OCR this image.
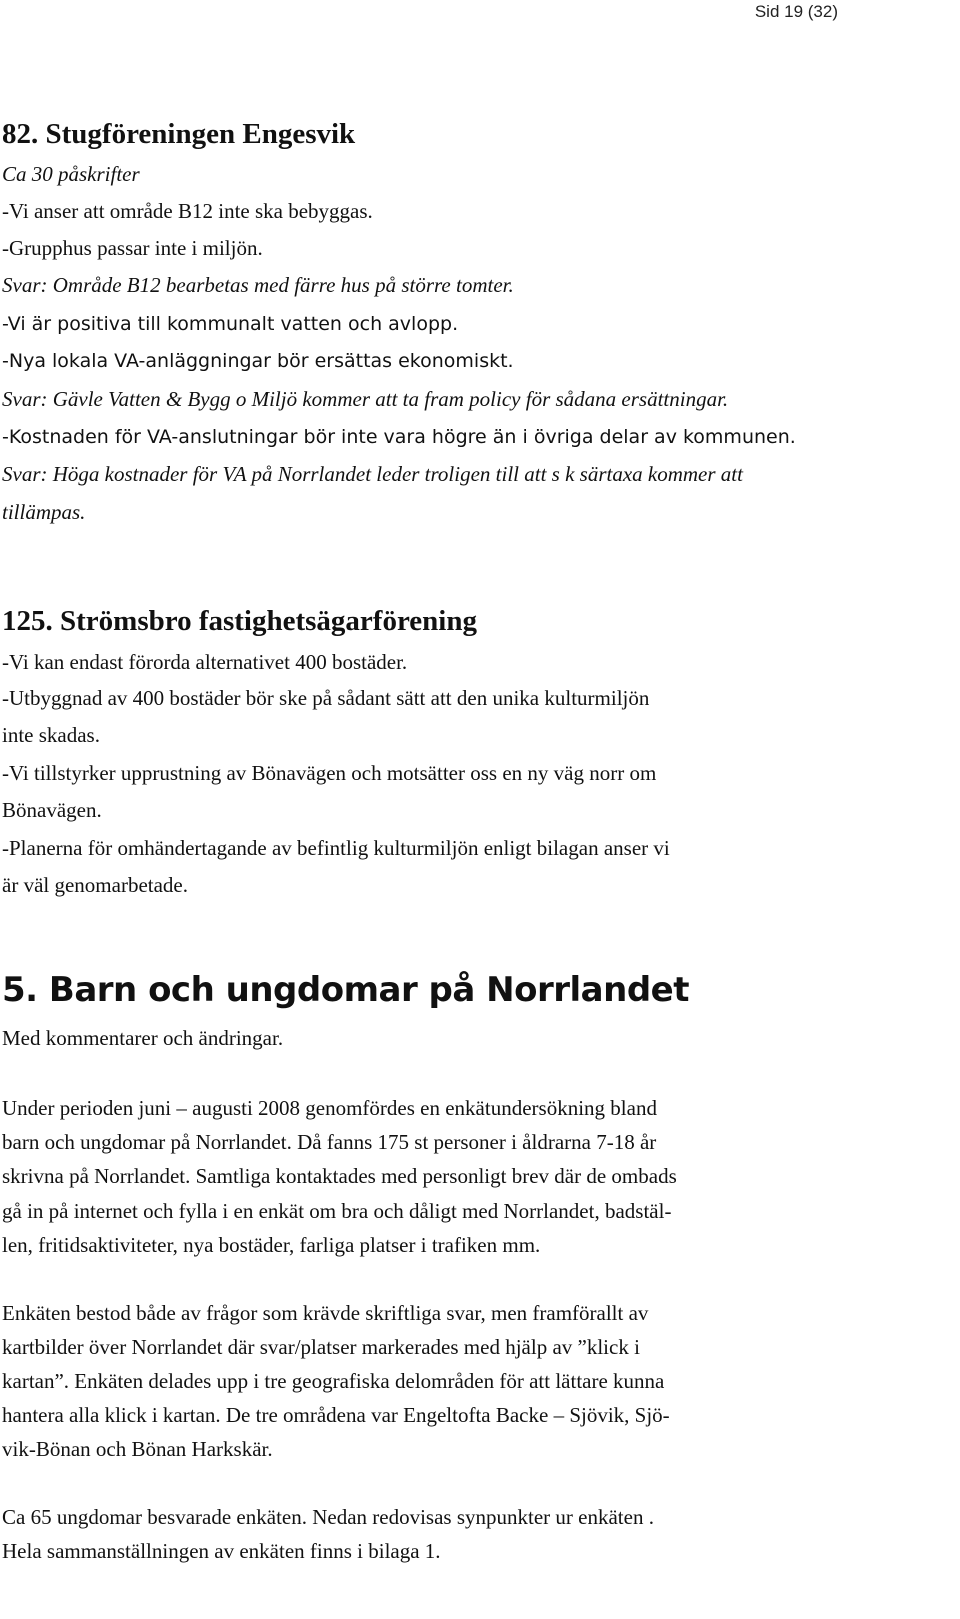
Sid 19 (32)
82. Stugföreningen Engesvik
Ca 30 påskrifter
-Vi anser att område B12 inte ska bebyggas.
-Grupphus passar inte i miljön.
Svar: Område B12 bearbetas med färre hus på större tomter.
-Vi är positiva till kommunalt vatten och avlopp.
-Nya lokala VA-anläggningar bör ersättas ekonomiskt.
Svar: Gävle Vatten & Bygg o Miljö kommer att ta fram policy för sådana ersättningar.
-Kostnaden för VA-anslutningar bör inte vara högre än i övriga delar av kommunen.
Svar: Höga kostnader för VA på Norrlandet leder troligen till att s k särtaxa kommer att
tillämpas.
125. Strömsbro fastighetsägarförening
-Vi kan endast förorda alternativet 400 bostäder.
-Utbyggnad av 400 bostäder bör ske på sådant sätt att den unika kulturmiljön
inte skadas.
-Vi tillstyrker upprustning av Bönavägen och motsätter oss en ny väg norr om
Bönavägen.
-Planerna för omhändertagande av befintlig kulturmiljön enligt bilagan anser vi
är väl genomarbetade.
5. Barn och ungdomar på Norrlandet
Med kommentarer och ändringar.
Under perioden juni – augusti 2008 genomfördes en enkätundersökning bland
barn och ungdomar på Norrlandet. Då fanns 175 st personer i åldrarna 7-18 år
skrivna på Norrlandet. Samtliga kontaktades med personligt brev där de ombads
gå in på internet och fylla i en enkät om bra och dåligt med Norrlandet, badstäl-
len, fritidsaktiviteter, nya bostäder, farliga platser i trafiken mm.
Enkäten bestod både av frågor som krävde skriftliga svar, men framförallt av
kartbilder över Norrlandet där svar/platser markerades med hjälp av ”klick i
kartan”. Enkäten delades upp i tre geografiska delområden för att lättare kunna
hantera alla klick i kartan. De tre områdena var Engeltofta Backe – Sjövik, Sjö-
vik-Bönan och Bönan Harkskär.
Ca 65 ungdomar besvarade enkäten. Nedan redovisas synpunkter ur enkäten .
Hela sammanställningen av enkäten finns i bilaga 1.
